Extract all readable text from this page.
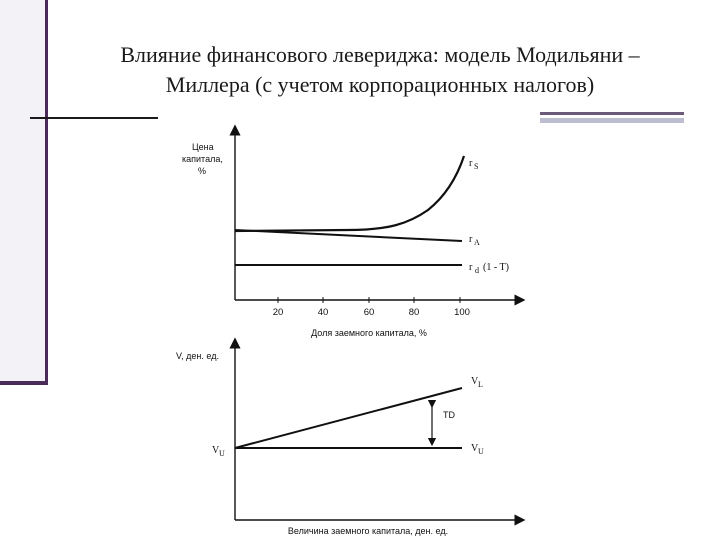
Влияние финансового левериджа: модель Модильяни –
Миллера (с учетом корпорационных налогов)
Цена
капитала,
%
20	40	60	80	100
Доля заемного капитала, %
r S
r A
r d (1 - T)
V, ден. ед.
TD
V L
V U
V U
Величина заемного капитала, ден. ед.
